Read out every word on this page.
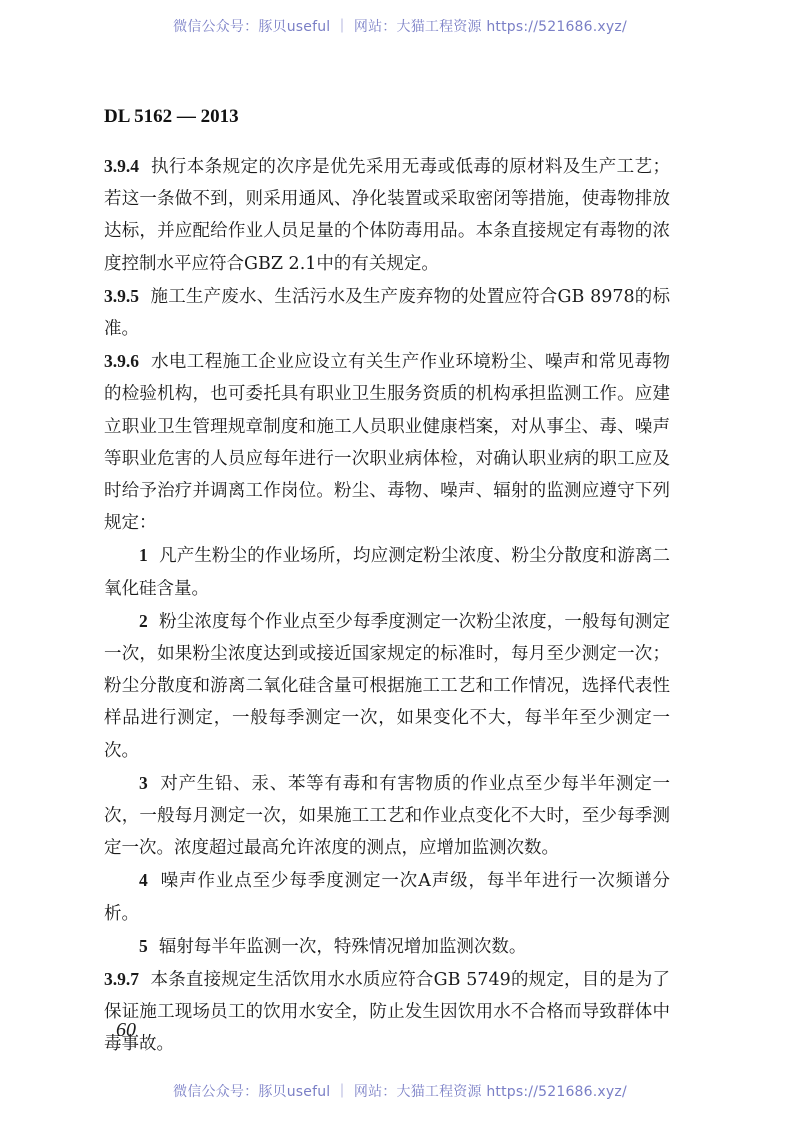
微信公众号：豚贝useful ｜ 网站：大猫工程资源 https://521686.xyz/
DL 5162 — 2013

3.9.4 执行本条规定的次序是优先采用无毒或低毒的原材料及生产工艺；若这一条做不到，则采用通风、净化装置或采取密闭等措施，使毒物排放达标，并应配给作业人员足量的个体防毒用品。本条直接规定有毒物的浓度控制水平应符合GBZ 2.1中的有关规定。

3.9.5 施工生产废水、生活污水及生产废弃物的处置应符合GB 8978的标准。

3.9.6 水电工程施工企业应设立有关生产作业环境粉尘、噪声和常见毒物的检验机构，也可委托具有职业卫生服务资质的机构承担监测工作。应建立职业卫生管理规章制度和施工人员职业健康档案，对从事尘、毒、噪声等职业危害的人员应每年进行一次职业病体检，对确认职业病的职工应及时给予治疗并调离工作岗位。粉尘、毒物、噪声、辐射的监测应遵守下列规定：

1 凡产生粉尘的作业场所，均应测定粉尘浓度、粉尘分散度和游离二氧化硅含量。

2 粉尘浓度每个作业点至少每季度测定一次粉尘浓度，一般每旬测定一次，如果粉尘浓度达到或接近国家规定的标准时，每月至少测定一次；粉尘分散度和游离二氧化硅含量可根据施工工艺和工作情况，选择代表性样品进行测定，一般每季测定一次，如果变化不大，每半年至少测定一次。

3 对产生铅、汞、苯等有毒和有害物质的作业点至少每半年测定一次，一般每月测定一次，如果施工工艺和作业点变化不大时，至少每季测定一次。浓度超过最高允许浓度的测点，应增加监测次数。

4 噪声作业点至少每季度测定一次A声级，每半年进行一次频谱分析。

5 辐射每半年监测一次，特殊情况增加监测次数。

3.9.7 本条直接规定生活饮用水水质应符合GB 5749的规定，目的是为了保证施工现场员工的饮用水安全，防止发生因饮用水不合格而导致群体中毒事故。

60
微信公众号：豚贝useful ｜ 网站：大猫工程资源 https://521686.xyz/
